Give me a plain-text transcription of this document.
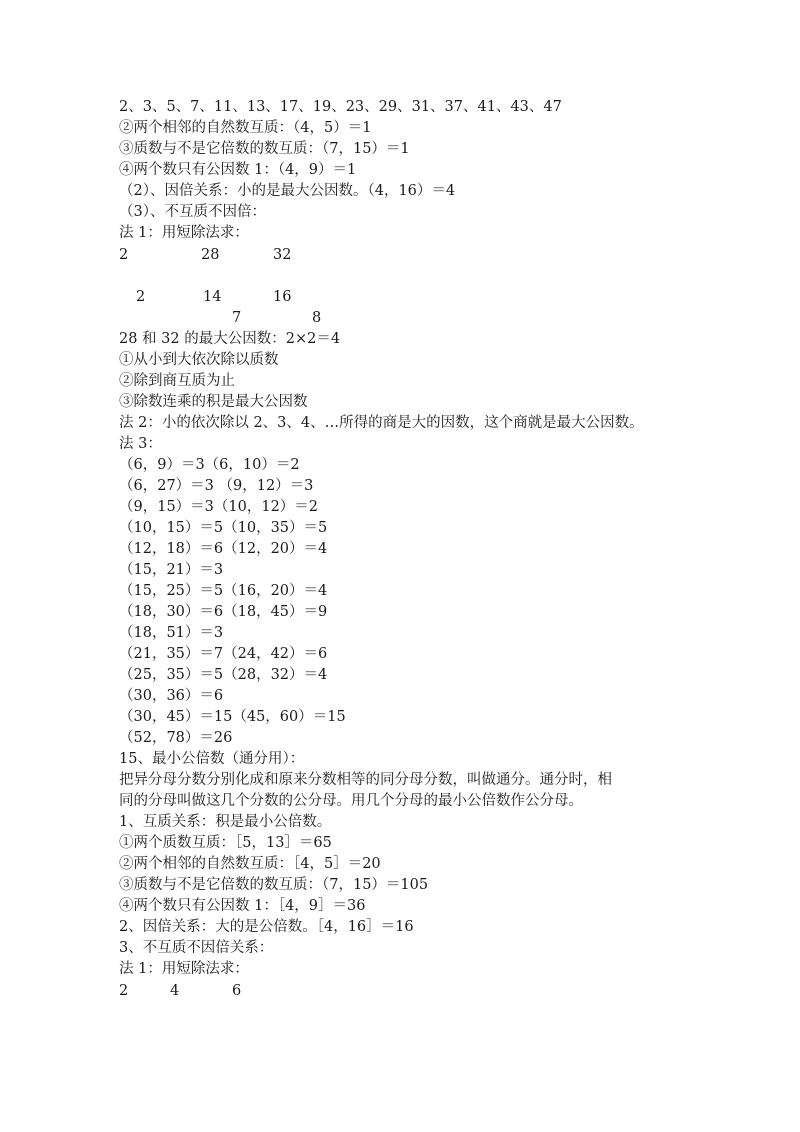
2、3、5、7、11、13、17、19、23、29、31、37、41、43、47
②两个相邻的自然数互质：（4，5）＝1
③质数与不是它倍数的数互质：（7，15）＝1
④两个数只有公因数 1：（4，9）＝1
（2）、因倍关系：小的是最大公因数。（4，16）＝4
（3）、不互质不因倍：
法 1：用短除法求：
2	28	32
2	14	16
7	8
28 和 32 的最大公因数：2×2＝4
①从小到大依次除以质数
②除到商互质为止
③除数连乘的积是最大公因数
法 2：小的依次除以 2、3、4、…所得的商是大的因数，这个商就是最大公因数。
法 3：
（6，9）＝3（6，10）＝2
（6，27）＝3 （9，12）＝3
（9，15）＝3（10，12）＝2
（10，15）＝5（10，35）＝5
（12，18）＝6（12，20）＝4
（15，21）＝3
（15，25）＝5（16，20）＝4
（18，30）＝6（18，45）＝9
（18，51）＝3
（21，35）＝7（24，42）＝6
（25，35）＝5（28，32）＝4
（30，36）＝6
（30，45）＝15（45，60）＝15
（52，78）＝26
15、最小公倍数（通分用）：
把异分母分数分别化成和原来分数相等的同分母分数，叫做通分。通分时，相
同的分母叫做这几个分数的公分母。用几个分母的最小公倍数作公分母。
1、互质关系：积是最小公倍数。
①两个质数互质：［5，13］＝65
②两个相邻的自然数互质：［4，5］＝20
③质数与不是它倍数的数互质：（7，15）＝105
④两个数只有公因数 1：［4，9］＝36
2、因倍关系：大的是公倍数。［4，16］＝16
3、不互质不因倍关系：
法 1：用短除法求：
2	4	6
